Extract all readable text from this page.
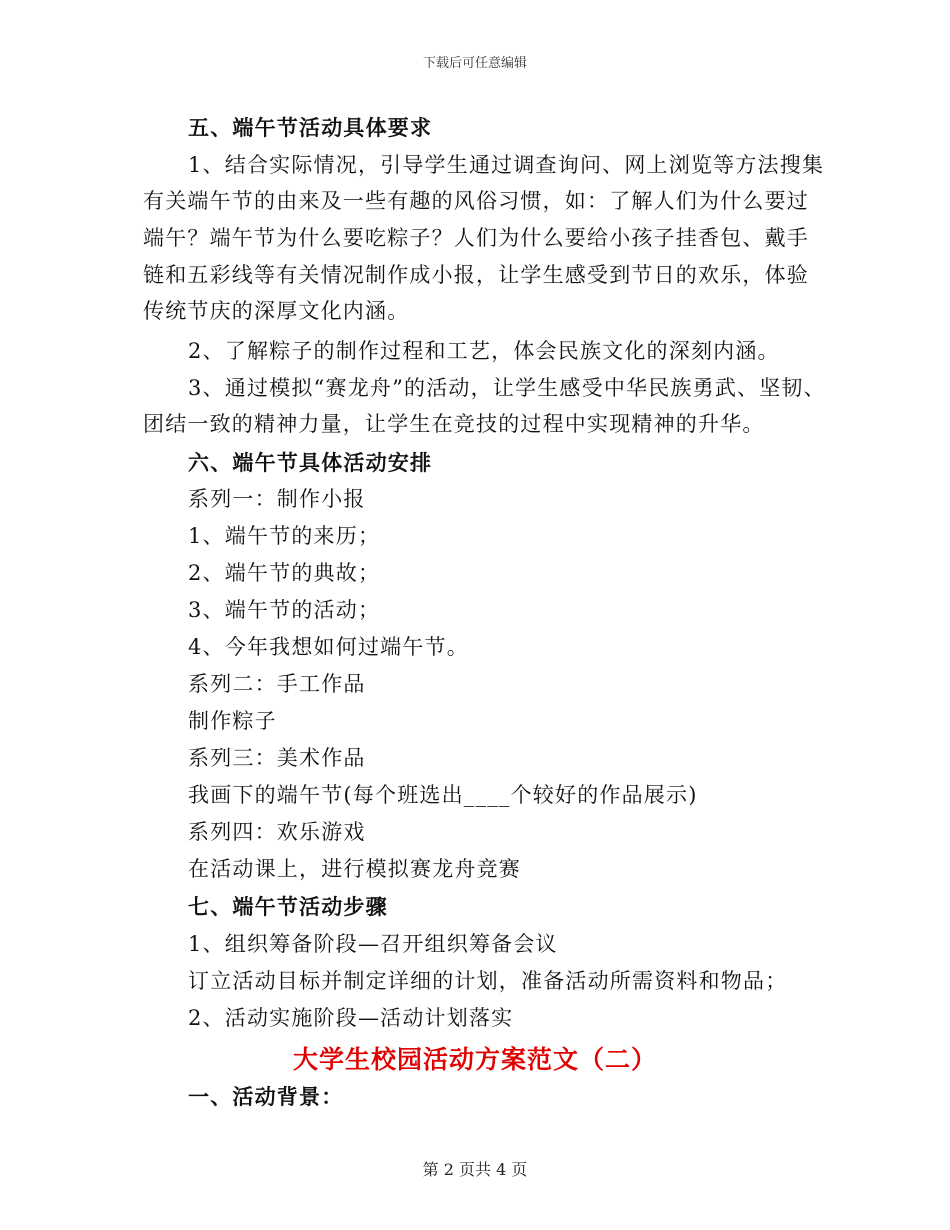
下载后可任意编辑
五、端午节活动具体要求
1、结合实际情况，引导学生通过调查询问、网上浏览等方法搜集
有关端午节的由来及一些有趣的风俗习惯，如：了解人们为什么要过
端午？端午节为什么要吃粽子？人们为什么要给小孩子挂香包、戴手
链和五彩线等有关情况制作成小报，让学生感受到节日的欢乐，体验
传统节庆的深厚文化内涵。
2、了解粽子的制作过程和工艺，体会民族文化的深刻内涵。
3、通过模拟“赛龙舟”的活动，让学生感受中华民族勇武、坚韧、
团结一致的精神力量，让学生在竞技的过程中实现精神的升华。
六、端午节具体活动安排
系列一：制作小报
1、端午节的来历；
2、端午节的典故；
3、端午节的活动；
4、今年我想如何过端午节。
系列二：手工作品
制作粽子
系列三：美术作品
我画下的端午节(每个班选出____个较好的作品展示)
系列四：欢乐游戏
在活动课上，进行模拟赛龙舟竞赛
七、端午节活动步骤
1、组织筹备阶段—召开组织筹备会议
订立活动目标并制定详细的计划，准备活动所需资料和物品；
2、活动实施阶段—活动计划落实
大学生校园活动方案范文（二）
一、活动背景：
第 2 页共 4 页
